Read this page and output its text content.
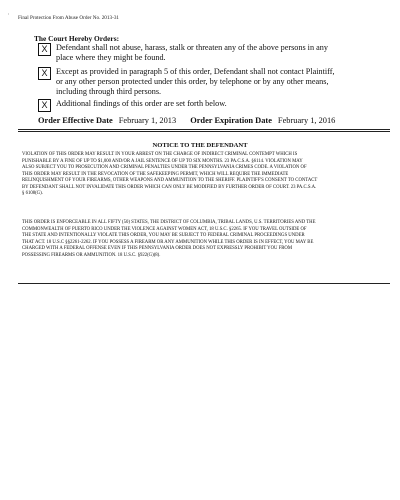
' Final Protection From Abuse Order No. 2013-31
The Court Hereby Orders:
X	Defendant shall not abuse, harass, stalk or threaten any of the above persons in any
place where they might be found.
X	Except as provided in paragraph 5 of this order, Defendant shall not contact Plaintiff,
or any other person protected under this order, by telephone or by any other means,
including through third persons.
X	Additional findings of this order are set forth below.
Order Effective Date February 1, 2013 Order Expiration Date February 1, 2016
NOTICE TO THE DEFENDANT
VIOLATION OF THIS ORDER MAY RESULT IN YOUR ARREST ON THE CHARGE OF INDIRECT CRIMINAL CONTEMPT WHICH IS
PUNISHABLE BY A FINE OF UP TO $1,000 AND/OR A JAIL SENTENCE OF UP TO SIX MONTHS. 23 PA.C.S.A. §6114. VIOLATION MAY
ALSO SUBJECT YOU TO PROSECUTION AND CRIMINAL PENALTIES UNDER THE PENNSYLVANIA CRIMES CODE. A VIOLATION OF
THIS ORDER MAY RESULT IN THE REVOCATION OF THE SAFEKEEPING PERMIT, WHICH WILL REQUIRE THE IMMEDIATE
RELINQUISHMENT OF YOUR FIREARMS, OTHER WEAPONS AND AMMUNITION TO THE SHERIFF. PLAINTIFF'S CONSENT TO CONTACT
BY DEFENDANT SHALL NOT INVALIDATE THIS ORDER WHICH CAN ONLY BE MODIFIED BY FURTHER ORDER OF COURT. 23 PA.C.S.A.
§ 6108(G).
THIS ORDER IS ENFORCEABLE IN ALL FIFTY (50) STATES, THE DISTRICT OF COLUMBIA, TRIBAL LANDS, U.S. TERRITORIES AND THE
COMMONWEALTH OF PUERTO RICO UNDER THE VIOLENCE AGAINST WOMEN ACT, 18 U.S.C. §2265. IF YOU TRAVEL OUTSIDE OF
THE STATE AND INTENTIONALLY VIOLATE THIS ORDER, YOU MAY BE SUBJECT TO FEDERAL CRIMINAL PROCEEDINGS UNDER
THAT ACT. 18 U.S.C §§2261-2262. IF YOU POSSESS A FIREARM OR ANY AMMUNITION WHILE THIS ORDER IS IN EFFECT, YOU MAY BE
CHARGED WITH A FEDERAL OFFENSE EVEN IF THIS PENNSYLVANIA ORDER DOES NOT EXPRESSLY PROHIBIT YOU FROM
POSSESSING FIREARMS OR AMMUNITION. 18 U.S.C. §922(G)(8).
